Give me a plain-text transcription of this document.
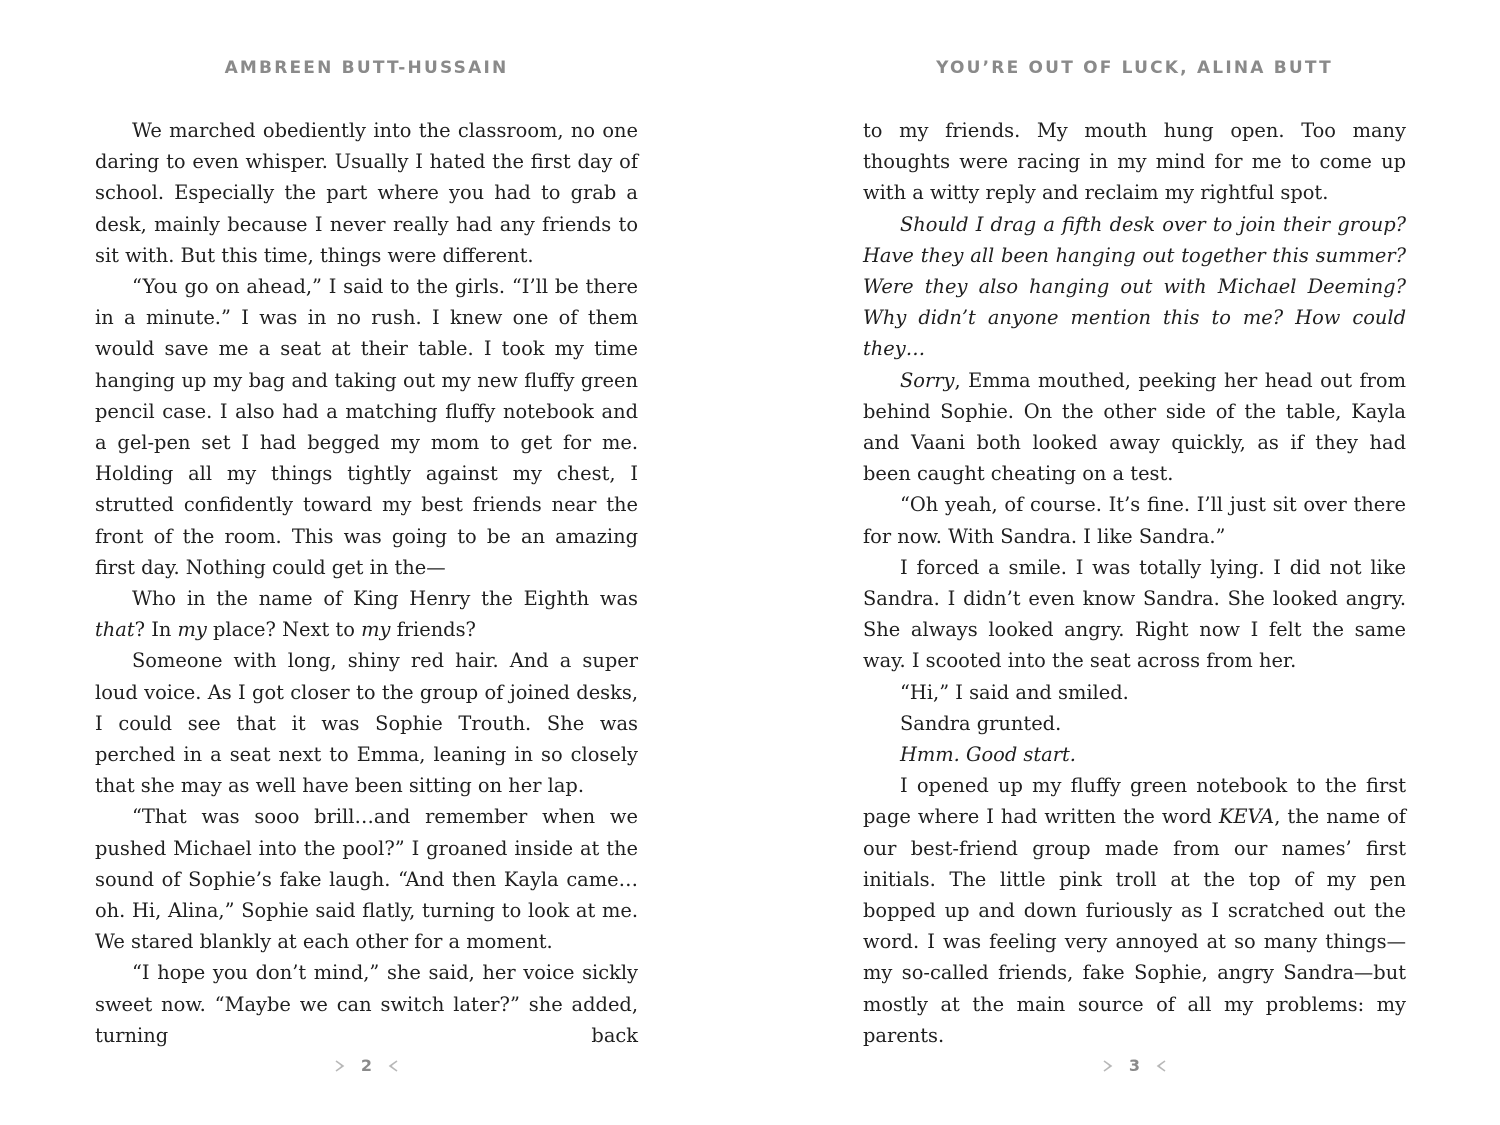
AMBREEN BUTT-HUSSAIN

We marched obediently into the classroom, no one daring to even whisper. Usually I hated the first day of school. Especially the part where you had to grab a desk, mainly because I never really had any friends to sit with. But this time, things were different.

“You go on ahead,” I said to the girls. “I’ll be there in a minute.” I was in no rush. I knew one of them would save me a seat at their table. I took my time hanging up my bag and taking out my new fluffy green pencil case. I also had a matching fluffy notebook and a gel-pen set I had begged my mom to get for me. Holding all my things tightly against my chest, I strutted confidently toward my best friends near the front of the room. This was going to be an amazing first day. Nothing could get in the—

Who in the name of King Henry the Eighth was that? In my place? Next to my friends?

Someone with long, shiny red hair. And a super loud voice. As I got closer to the group of joined desks, I could see that it was Sophie Trouth. She was perched in a seat next to Emma, leaning in so closely that she may as well have been sitting on her lap.

“That was sooo brill…and remember when we pushed Michael into the pool?” I groaned inside at the sound of Sophie’s fake laugh. “And then Kayla came…oh. Hi, Alina,” Sophie said flatly, turning to look at me. We stared blankly at each other for a moment.

“I hope you don’t mind,” she said, her voice sickly sweet now. “Maybe we can switch later?” she added, turning back

2
YOU’RE OUT OF LUCK, ALINA BUTT

to my friends. My mouth hung open. Too many thoughts were racing in my mind for me to come up with a witty reply and reclaim my rightful spot.

Should I drag a fifth desk over to join their group? Have they all been hanging out together this summer? Were they also hanging out with Michael Deeming? Why didn’t anyone mention this to me? How could they…

Sorry, Emma mouthed, peeking her head out from behind Sophie. On the other side of the table, Kayla and Vaani both looked away quickly, as if they had been caught cheating on a test.

“Oh yeah, of course. It’s fine. I’ll just sit over there for now. With Sandra. I like Sandra.”

I forced a smile. I was totally lying. I did not like Sandra. I didn’t even know Sandra. She looked angry. She always looked angry. Right now I felt the same way. I scooted into the seat across from her.

“Hi,” I said and smiled.

Sandra grunted.

Hmm. Good start.

I opened up my fluffy green notebook to the first page where I had written the word KEVA, the name of our best-friend group made from our names’ first initials. The little pink troll at the top of my pen bopped up and down furiously as I scratched out the word. I was feeling very annoyed at so many things—my so-called friends, fake Sophie, angry Sandra—but mostly at the main source of all my problems: my parents.

3
